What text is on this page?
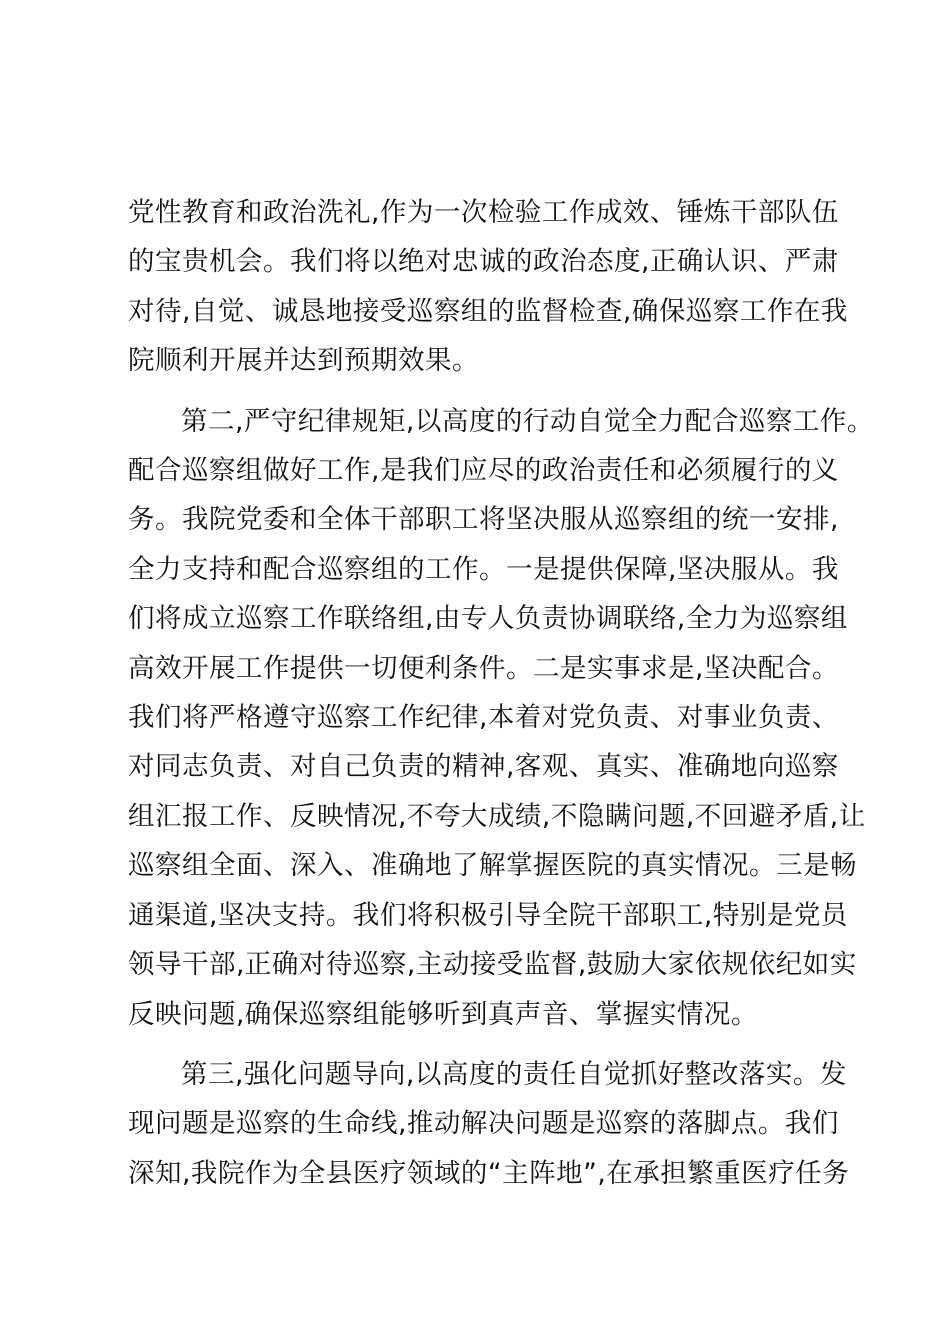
党性教育和政治洗礼,作为一次检验工作成效、锤炼干部队伍
的宝贵机会。我们将以绝对忠诚的政治态度,正确认识、严肃
对待,自觉、诚恳地接受巡察组的监督检查,确保巡察工作在我
院顺利开展并达到预期效果。

第二,严守纪律规矩,以高度的行动自觉全力配合巡察工作。
配合巡察组做好工作,是我们应尽的政治责任和必须履行的义
务。我院党委和全体干部职工将坚决服从巡察组的统一安排,
全力支持和配合巡察组的工作。一是提供保障,坚决服从。我
们将成立巡察工作联络组,由专人负责协调联络,全力为巡察组
高效开展工作提供一切便利条件。二是实事求是,坚决配合。
我们将严格遵守巡察工作纪律,本着对党负责、对事业负责、
对同志负责、对自己负责的精神,客观、真实、准确地向巡察
组汇报工作、反映情况,不夸大成绩,不隐瞒问题,不回避矛盾,让
巡察组全面、深入、准确地了解掌握医院的真实情况。三是畅
通渠道,坚决支持。我们将积极引导全院干部职工,特别是党员
领导干部,正确对待巡察,主动接受监督,鼓励大家依规依纪如实
反映问题,确保巡察组能够听到真声音、掌握实情况。

第三,强化问题导向,以高度的责任自觉抓好整改落实。发
现问题是巡察的生命线,推动解决问题是巡察的落脚点。我们
深知,我院作为全县医疗领域的“主阵地”,在承担繁重医疗任务
